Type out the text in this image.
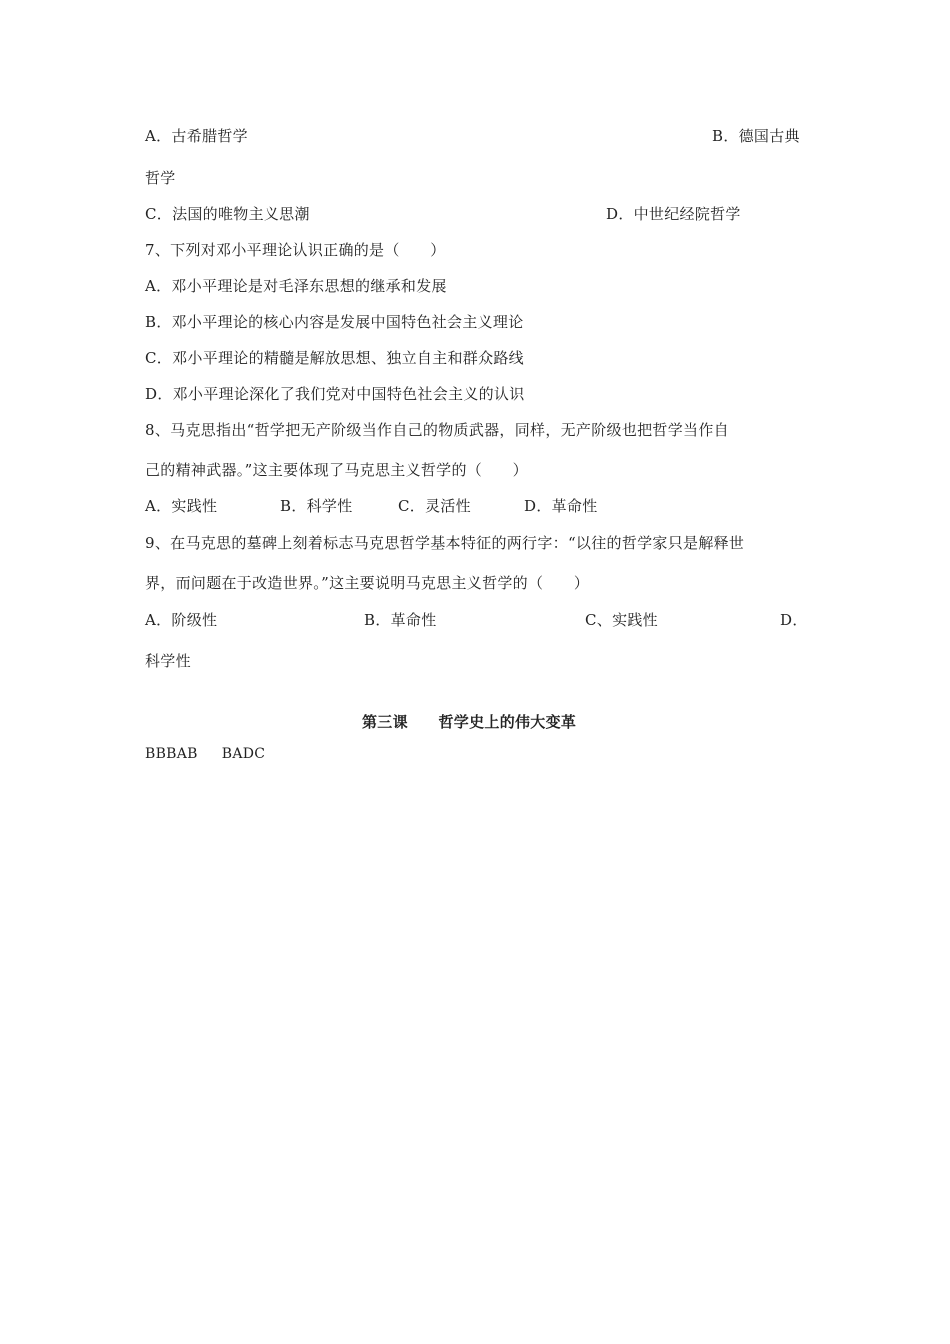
A．古希腊哲学	B．德国古典
哲学
C．法国的唯物主义思潮	D．中世纪经院哲学
7、下列对邓小平理论认识正确的是（　　）
A．邓小平理论是对毛泽东思想的继承和发展
B．邓小平理论的核心内容是发展中国特色社会主义理论
C．邓小平理论的精髓是解放思想、独立自主和群众路线
D．邓小平理论深化了我们党对中国特色社会主义的认识
8、马克思指出“哲学把无产阶级当作自己的物质武器，同样，无产阶级也把哲学当作自
己的精神武器。”这主要体现了马克思主义哲学的（　　）
A．实践性	B．科学性	C．灵活性	D．革命性
9、在马克思的墓碑上刻着标志马克思哲学基本特征的两行字：“以往的哲学家只是解释世
界，而问题在于改造世界。”这主要说明马克思主义哲学的（　　）
A．阶级性	B．革命性	C、实践性	D．
科学性
第三课　　哲学史上的伟大变革
BBBAB BADC
